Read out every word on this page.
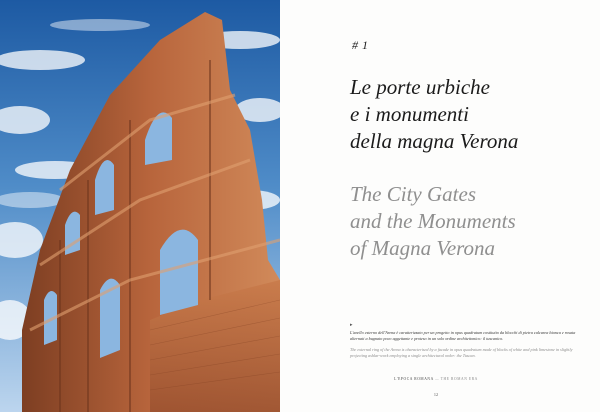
# 1
Le porte urbiche
e i monumenti
della magna Verona
The City Gates
and the Monuments
of Magna Verona
▸
L'anello esterno dell'Arena è caratterizzato per un progetto in opus quadratum costituito da blocchi di pietra calcarea bianca e rosata alternati a bugnato poco aggettante e proteso in un solo ordine architettonico: il tuscanico.
The external ring of the Arena is characterised by a facade in opus quadratum made of blocks of white and pink limestone in slightly projecting ashlar-work employing a single architectural order: the Tuscan.
L'EPOCA ROMANA — THE ROMAN ERA
12
